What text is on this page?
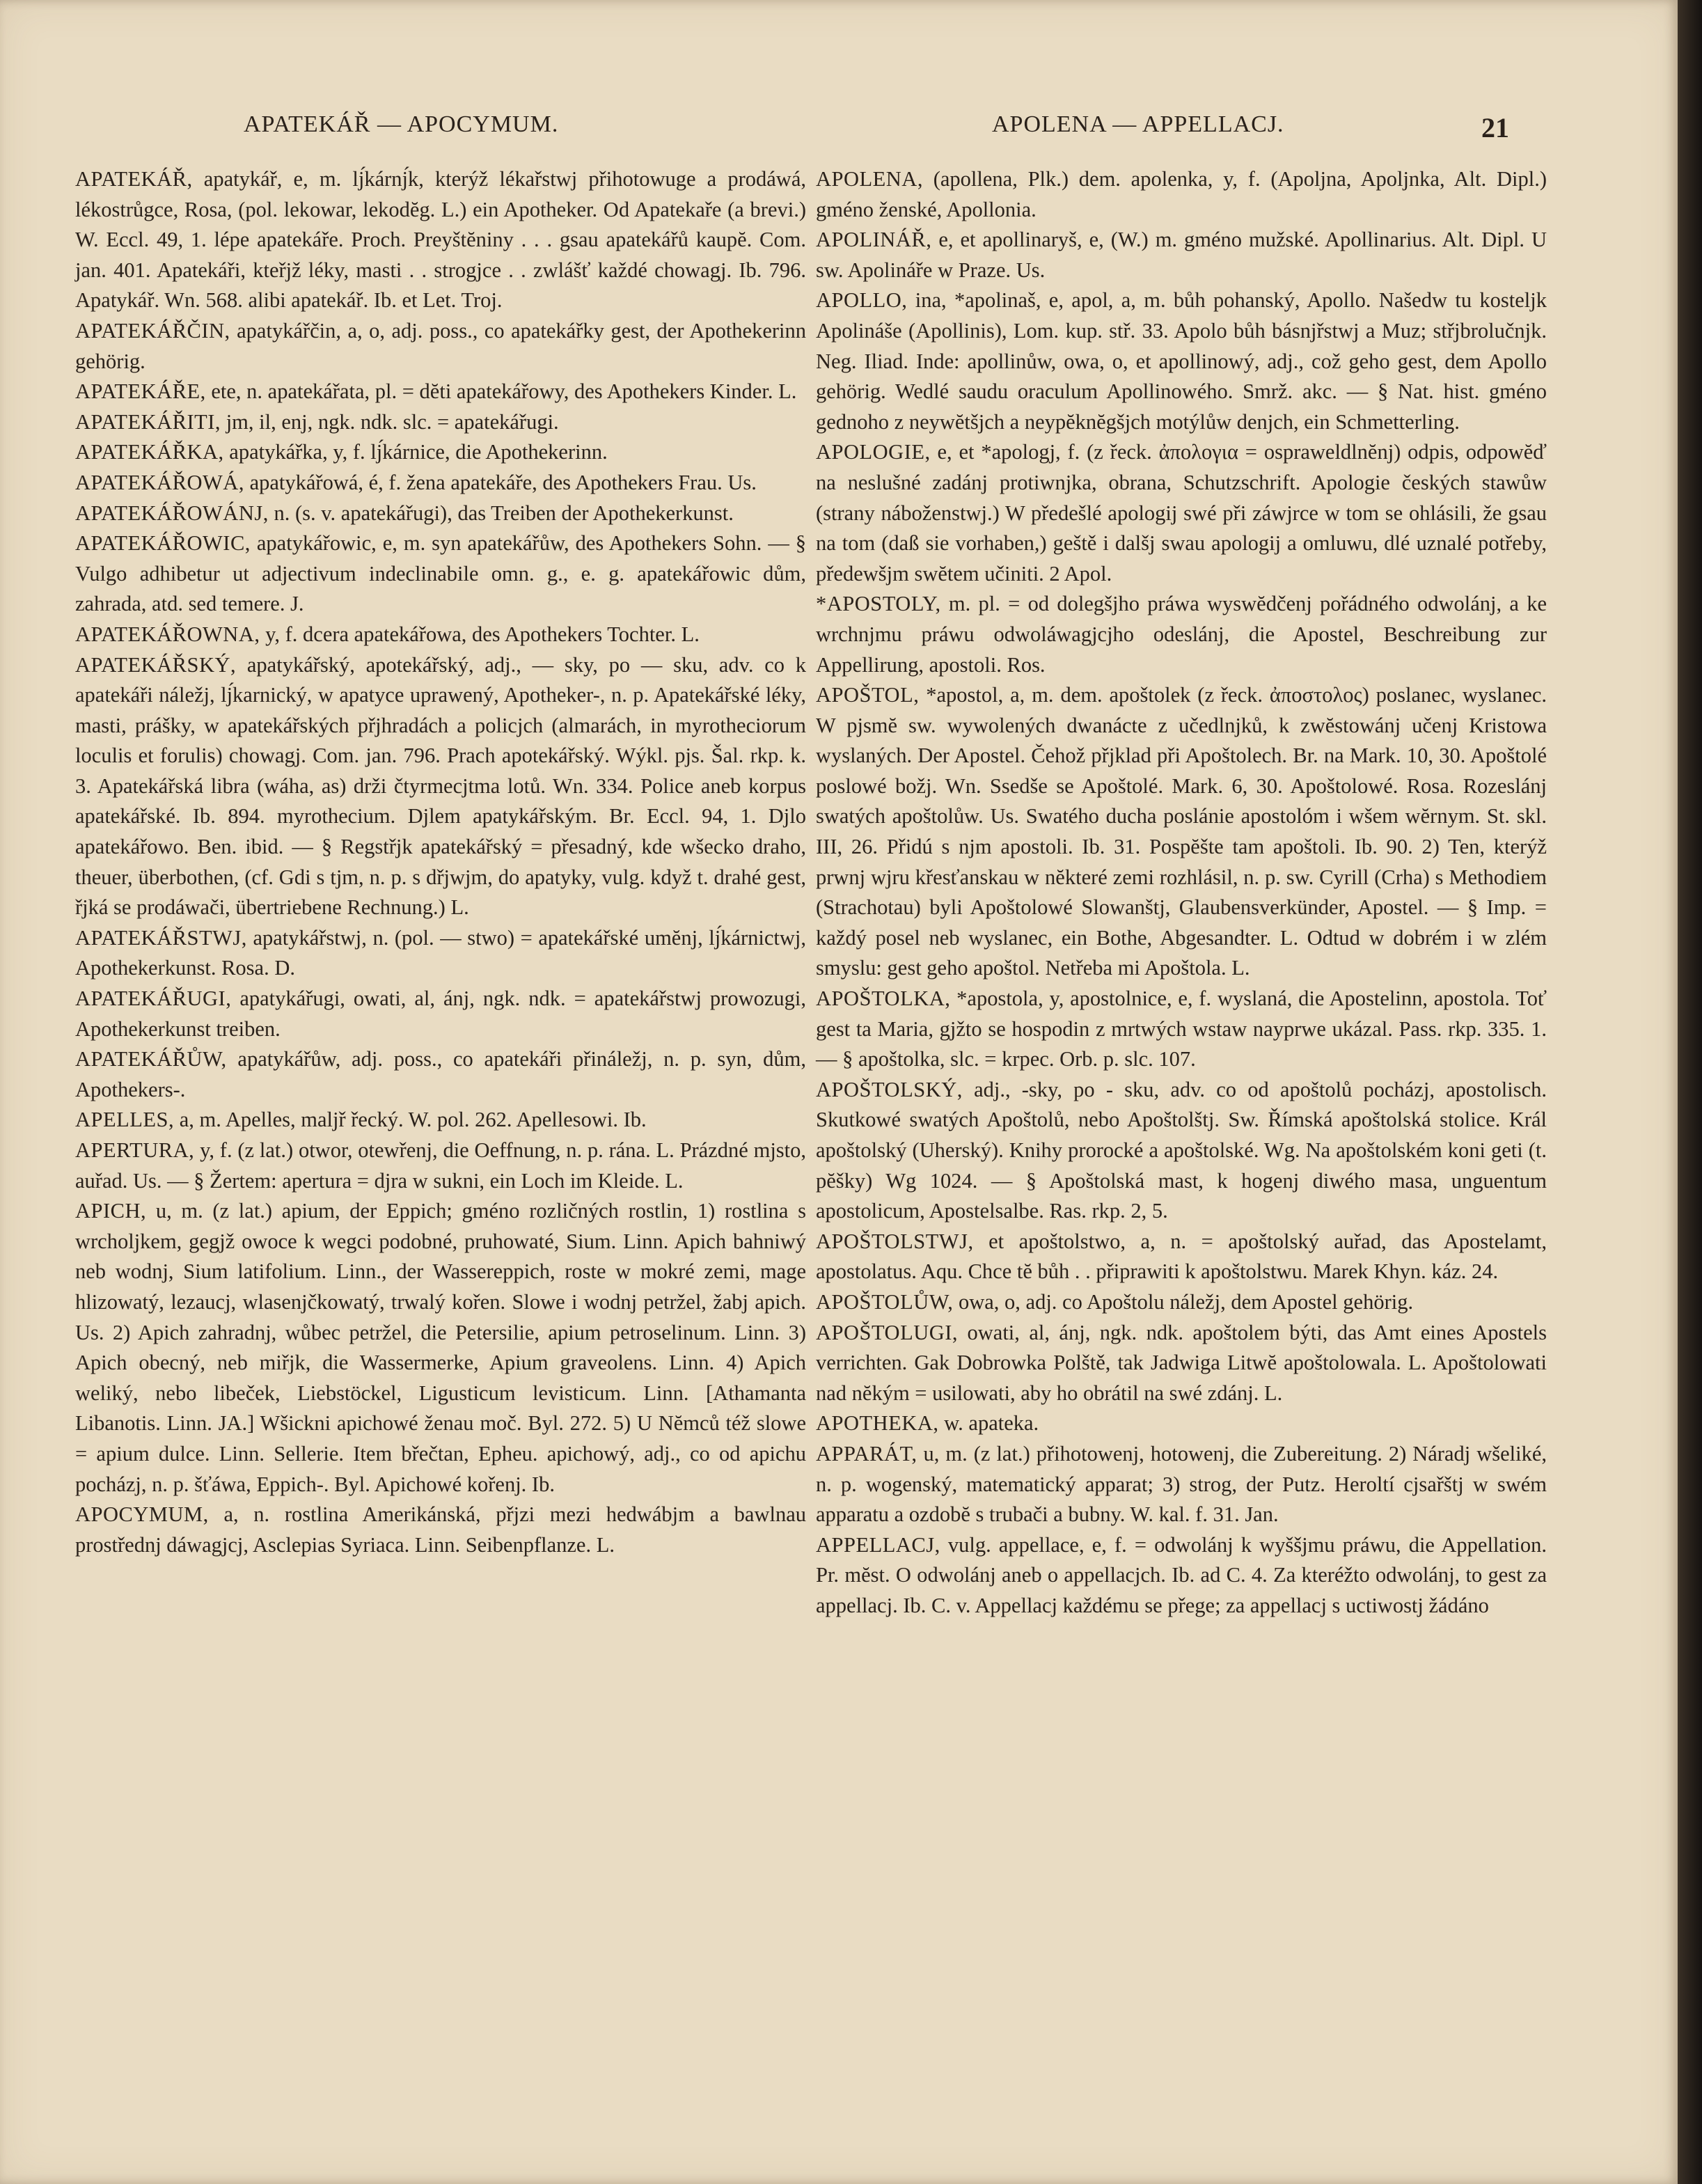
APATEKÁŘ — APOCYMUM.	APOLENA — APPELLACJ.	21

APATEKÁŘ, apatykář, e, m. lj́kárnj́k, kterýž lékařstwj přihotowuge a prodáwá, lékostrůgce, Rosa, (pol. lekowar, lekodĕg. L.) ein Apotheker. Od Apatekaře (a brevi.) W. Eccl. 49, 1. lépe apatekáře. Proch. Preyštĕniny . . . gsau apatekářů kaupĕ. Com. jan. 401. Apatekáři, kteřjž léky, masti . . strogjce . . zwlášť každé chowagj. Ib. 796. Apatykář. Wn. 568. alibi apatekář. Ib. et Let. Troj.

APATEKÁŘČIN, apatykářčin, a, o, adj. poss., co apatekářky gest, der Apothekerinn gehörig.

APATEKÁŘE, ete, n. apatekářata, pl. = dĕti apatekářowy, des Apothekers Kinder. L.

APATEKÁŘITI, jm, il, enj, ngk. ndk. slc. = apatekářugi.

APATEKÁŘKA, apatykářka, y, f. lj́kárnice, die Apothekerinn.

APATEKÁŘOWÁ, apatykářowá, é, f. žena apatekáře, des Apothekers Frau. Us.

APATEKÁŘOWÁNJ, n. (s. v. apatekářugi), das Treiben der Apothekerkunst.

APATEKÁŘOWIC, apatykářowic, e, m. syn apatekářůw, des Apothekers Sohn. — § Vulgo adhibetur ut adjectivum indeclinabile omn. g., e. g. apatekářowic dům, zahrada, atd. sed temere. J.

APATEKÁŘOWNA, y, f. dcera apatekářowa, des Apothekers Tochter. L.

APATEKÁŘSKÝ, apatykářský, apotekářský, adj., — sky, po — sku, adv. co k apatekáři náležj, lj́karnický, w apatyce uprawený, Apotheker-, n. p. Apatekářské léky, masti, prášky, w apatekářských přjhradách a policjch (almarách, in myrotheciorum loculis et forulis) chowagj. Com. jan. 796. Prach apotekářský. Wýkl. pjs. Šal. rkp. k. 3. Apatekářská libra (wáha, as) drži čtyrmecjtma lotů. Wn. 334. Police aneb korpus apatekářské. Ib. 894. myrothecium. Djlem apatykářským. Br. Eccl. 94, 1. Djlo apatekářowo. Ben. ibid. — § Regstřjk apatekářský = přesadný, kde wšecko draho, theuer, überbothen, (cf. Gdi s tjm, n. p. s dřjwjm, do apatyky, vulg. když t. drahé gest, řjká se prodáwači, übertriebene Rechnung.) L.

APATEKÁŘSTWJ, apatykářstwj, n. (pol. — stwo) = apatekářské umĕnj, lj́kárnictwj, Apothekerkunst. Rosa. D.

APATEKÁŘUGI, apatykářugi, owati, al, ánj, ngk. ndk. = apatekářstwj prowozugi, Apothekerkunst treiben.

APATEKÁŘŮW, apatykářůw, adj. poss., co apatekáři přináležj, n. p. syn, dům, Apothekers-.

APELLES, a, m. Apelles, maljř řecký. W. pol. 262. Apellesowi. Ib.

APERTURA, y, f. (z lat.) otwor, otewřenj, die Oeffnung, n. p. rána. L. Prázdné mjsto, auřad. Us. — § Žertem: apertura = djra w sukni, ein Loch im Kleide. L.

APICH, u, m. (z lat.) apium, der Eppich; gméno rozličných rostlin, 1) rostlina s wrcholjkem, gegjž owoce k wegci podobné, pruhowaté, Sium. Linn. Apich bahniwý neb wodnj, Sium latifolium. Linn., der Wassereppich, roste w mokré zemi, mage hlizowatý, lezaucj, wlasenjčkowatý, trwalý kořen. Slowe i wodnj petržel, žabj apich. Us. 2) Apich zahradnj, wůbec petržel, die Petersilie, apium petroselinum. Linn. 3) Apich obecný, neb miřjk, die Wassermerke, Apium graveolens. Linn. 4) Apich weliký, nebo libeček, Liebstöckel, Ligusticum levisticum. Linn. [Athamanta Libanotis. Linn. JA.] Wšickni apichowé ženau moč. Byl. 272. 5) U Nĕmců též slowe = apium dulce. Linn. Sellerie. Item břečtan, Epheu. apichowý, adj., co od apichu pocházj, n. p. šťáwa, Eppich-. Byl. Apichowé kořenj. Ib.

APOCYMUM, a, n. rostlina Amerikánská, přjzi mezi hedwábjm a bawlnau prostřednj dáwagjcj, Asclepias Syriaca. Linn. Seibenpflanze. L.

APOLENA, (apollena, Plk.) dem. apolenka, y, f. (Apoljna, Apoljnka, Alt. Dipl.) gméno ženské, Apollonia.

APOLINÁŘ, e, et apollinaryš, e, (W.) m. gméno mužské. Apollinarius. Alt. Dipl. U sw. Apolináře w Praze. Us.

APOLLO, ina, *apolinaš, e, apol, a, m. bůh pohanský, Apollo. Našedw tu kosteljk Apolináše (Apollinis), Lom. kup. stř. 33. Apolo bůh básnjřstwj a Muz; střjbrolučnjk. Neg. Iliad. Inde: apollinůw, owa, o, et apollinowý, adj., což geho gest, dem Apollo gehörig. Wedlé saudu oraculum Apollinowého. Smrž. akc. — § Nat. hist. gméno gednoho z neywĕtšjch a neypĕknĕgšjch motýlůw denjch, ein Schmetterling.

APOLOGIE, e, et *apologj, f. (z řeck. ἀπολογια = ospraweldlnĕnj) odpis, odpowĕď na neslušné zadánj protiwnjka, obrana, Schutzschrift. Apologie českých stawůw (strany náboženstwj.) W předešlé apologij swé při záwjrce w tom se ohlásili, že gsau na tom (daß sie vorhaben,) geště i dalšj swau apologij a omluwu, dlé uznalé potřeby, předewšjm swĕtem učiniti. 2 Apol.

*APOSTOLY, m. pl. = od dolegšjho práwa wyswĕdčenj pořádného odwolánj, a ke wrchnjmu práwu odwoláwagjcjho odeslánj, die Apostel, Beschreibung zur Appellirung, apostoli. Ros.

APOŠTOL, *apostol, a, m. dem. apoštolek (z řeck. ἀποστολος) poslanec, wyslanec. W pjsmĕ sw. wywolených dwanácte z učedlnjků, k zwĕstowánj učenj Kristowa wyslaných. Der Apostel. Čehož přjklad při Apoštolech. Br. na Mark. 10, 30. Apoštolé poslowé božj. Wn. Ssedše se Apoštolé. Mark. 6, 30. Apoštolowé. Rosa. Rozeslánj swatých apoštolůw. Us. Swatého ducha poslánie apostolóm i wšem wĕrnym. St. skl. III, 26. Přidú s njm apostoli. Ib. 31. Pospĕšte tam apoštoli. Ib. 90. 2) Ten, kterýž prwnj wjru křesťanskau w nĕkteré zemi rozhlásil, n. p. sw. Cyrill (Crha) s Methodiem (Strachotau) byli Apoštolowé Slowanštj, Glaubensverkünder, Apostel. — § Imp. = každý posel neb wyslanec, ein Bothe, Abgesandter. L. Odtud w dobrém i w zlém smyslu: gest geho apoštol. Netřeba mi Apoštola. L.

APOŠTOLKA, *apostola, y, apostolnice, e, f. wyslaná, die Apostelinn, apostola. Toť gest ta Maria, gjžto se hospodin z mrtwých wstaw nayprwe ukázal. Pass. rkp. 335. 1. — § apoštolka, slc. = krpec. Orb. p. slc. 107.

APOŠTOLSKÝ, adj., -sky, po - sku, adv. co od apoštolů pocházj, apostolisch. Skutkowé swatých Apoštolů, nebo Apoštolštj. Sw. Římská apoštolská stolice. Král apoštolský (Uherský). Knihy prorocké a apoštolské. Wg. Na apoštolském koni geti (t. pĕšky) Wg 1024. — § Apoštolská mast, k hogenj diwého masa, unguentum apostolicum, Apostelsalbe. Ras. rkp. 2, 5.

APOŠTOLSTWJ, et apoštolstwo, a, n. = apoštolský auřad, das Apostelamt, apostolatus. Aqu. Chce tĕ bůh . . připrawiti k apoštolstwu. Marek Khyn. káz. 24.

APOŠTOLŮW, owa, o, adj. co Apoštolu náležj, dem Apostel gehörig.

APOŠTOLUGI, owati, al, ánj, ngk. ndk. apoštolem býti, das Amt eines Apostels verrichten. Gak Dobrowka Polště, tak Jadwiga Litwĕ apoštolowala. L. Apoštolowati nad nĕkým = usilowati, aby ho obrátil na swé zdánj. L.

APOTHEKA, w. apateka.

APPARÁT, u, m. (z lat.) přihotowenj, hotowenj, die Zubereitung. 2) Náradj wšeliké, n. p. wogenský, matematický apparat; 3) strog, der Putz. Heroltí cjsařštj w swém apparatu a ozdobĕ s trubači a bubny. W. kal. f. 31. Jan.

APPELLACJ, vulg. appellace, e, f. = odwolánj k wyššjmu práwu, die Appellation. Pr. mĕst. O odwolánj aneb o appellacjch. Ib. ad C. 4. Za kteréžto odwolánj, to gest za appellacj. Ib. C. v. Appellacj každému se přege; za appellacj s uctiwostj žádáno
